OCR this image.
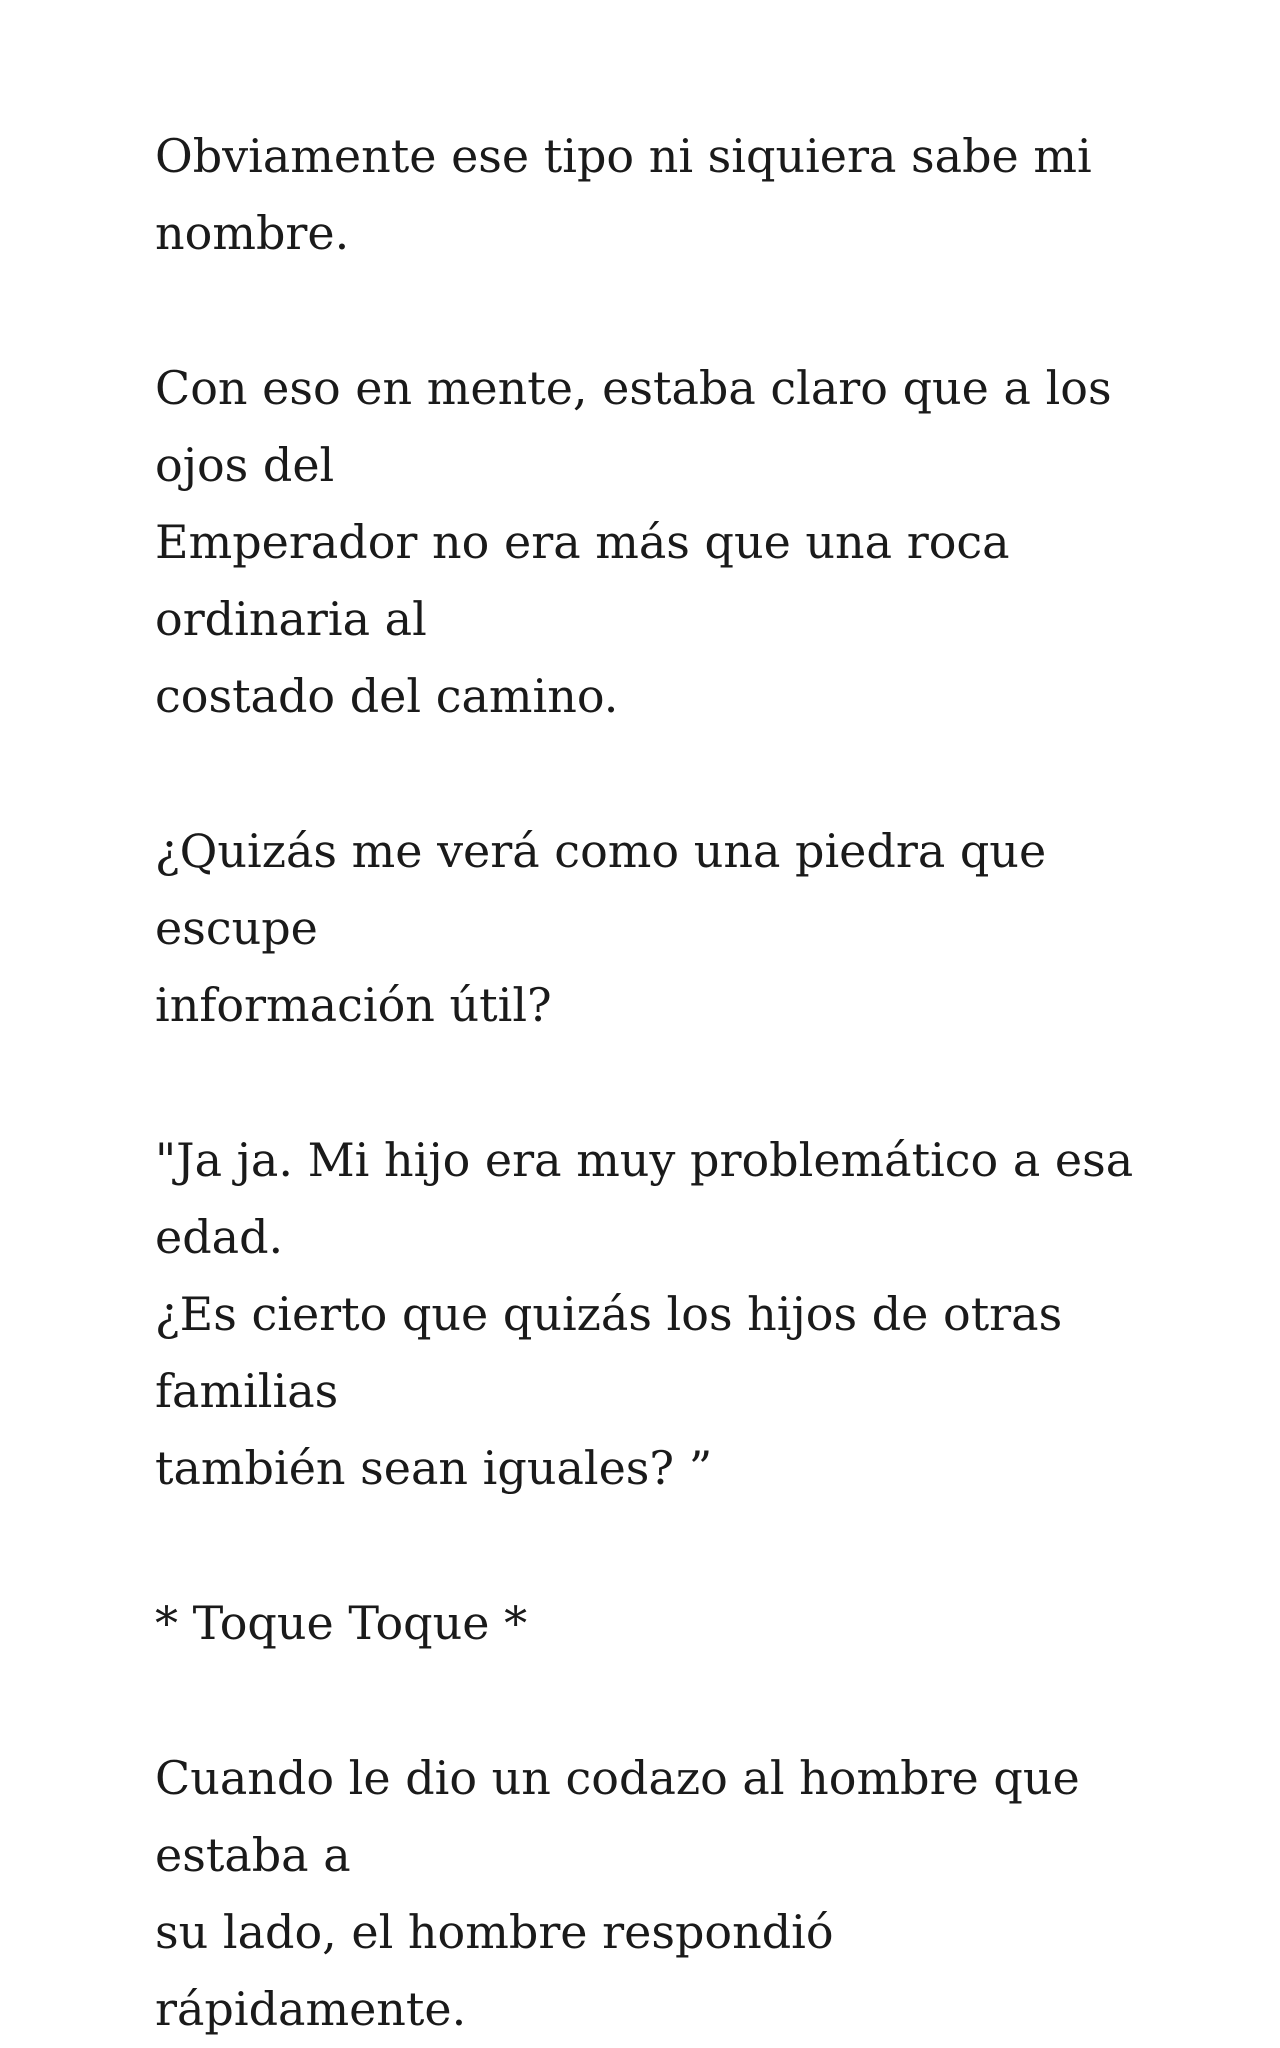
Obviamente ese tipo ni siquiera sabe mi nombre.

Con eso en mente, estaba claro que a los ojos del
Emperador no era más que una roca ordinaria al
costado del camino.

¿Quizás me verá como una piedra que escupe
información útil?

"Ja ja. Mi hijo era muy problemático a esa edad.
¿Es cierto que quizás los hijos de otras familias
también sean iguales? ”

* Toque Toque *

Cuando le dio un codazo al hombre que estaba a
su lado, el hombre respondió rápidamente.
